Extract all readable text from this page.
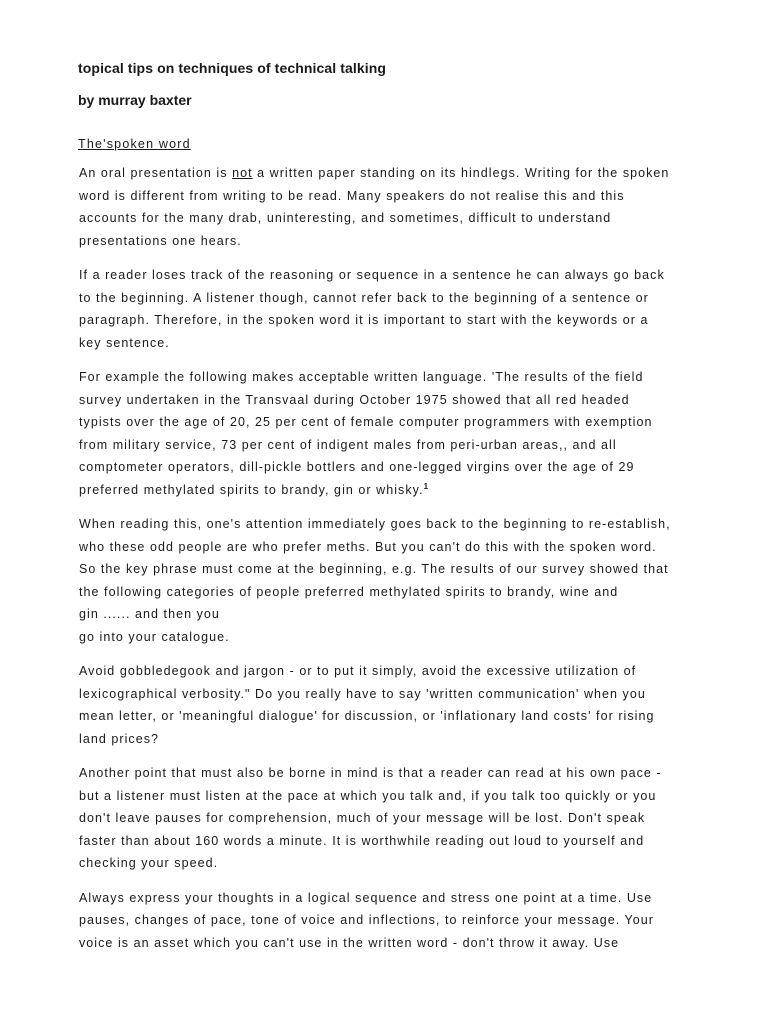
topical tips on techniques of technical talking
by murray baxter
The'spoken word

An oral presentation is not a written paper standing on its hindlegs. Writing for the spoken
word is different from writing to be read. Many speakers do not realise this and this
accounts for the many drab, uninteresting, and sometimes, difficult to understand
presentations one hears.

If a reader loses track of the reasoning or sequence in a sentence he can always go back
to the beginning. A listener though, cannot refer back to the beginning of a sentence or
paragraph. Therefore, in the spoken word it is important to start with the keywords or a
key sentence.

For example the following makes acceptable written language. 'The results of the field
survey undertaken in the Transvaal during October 1975 showed that all red headed
typists over the age of 20, 25 per cent of female computer programmers with exemption
from military service, 73 per cent of indigent males from peri-urban areas,, and all
comptometer operators, dill-pickle bottlers and one-legged virgins over the age of 29
preferred methylated spirits to brandy, gin or whisky.$^1$

When reading this, one's attention immediately goes back to the beginning to re-establish,
who these odd people are who prefer meths. But you can't do this with the spoken word.
So the key phrase must come at the beginning, e.g. The results of our survey showed that
the following categories of people preferred methylated spirits to brandy, wine and
gin ...... and then you
go into your catalogue.

Avoid gobbledegook and jargon - or to put it simply, avoid the excessive utilization of
lexicographical verbosity." Do you really have to say 'written communication' when you
mean letter, or 'meaningful dialogue' for discussion, or 'inflationary land costs' for rising
land prices?

Another point that must also be borne in mind is that a reader can read at his own pace -
but a listener must listen at the pace at which you talk and, if you talk too quickly or you
don't leave pauses for comprehension, much of your message will be lost. Don't speak
faster than about 160 words a minute. It is worthwhile reading out loud to yourself and
checking your speed.

Always express your thoughts in a logical sequence and stress one point at a time. Use
pauses, changes of pace, tone of voice and inflections, to reinforce your message. Your
voice is an asset which you can't use in the written word - don't throw it away. Use
